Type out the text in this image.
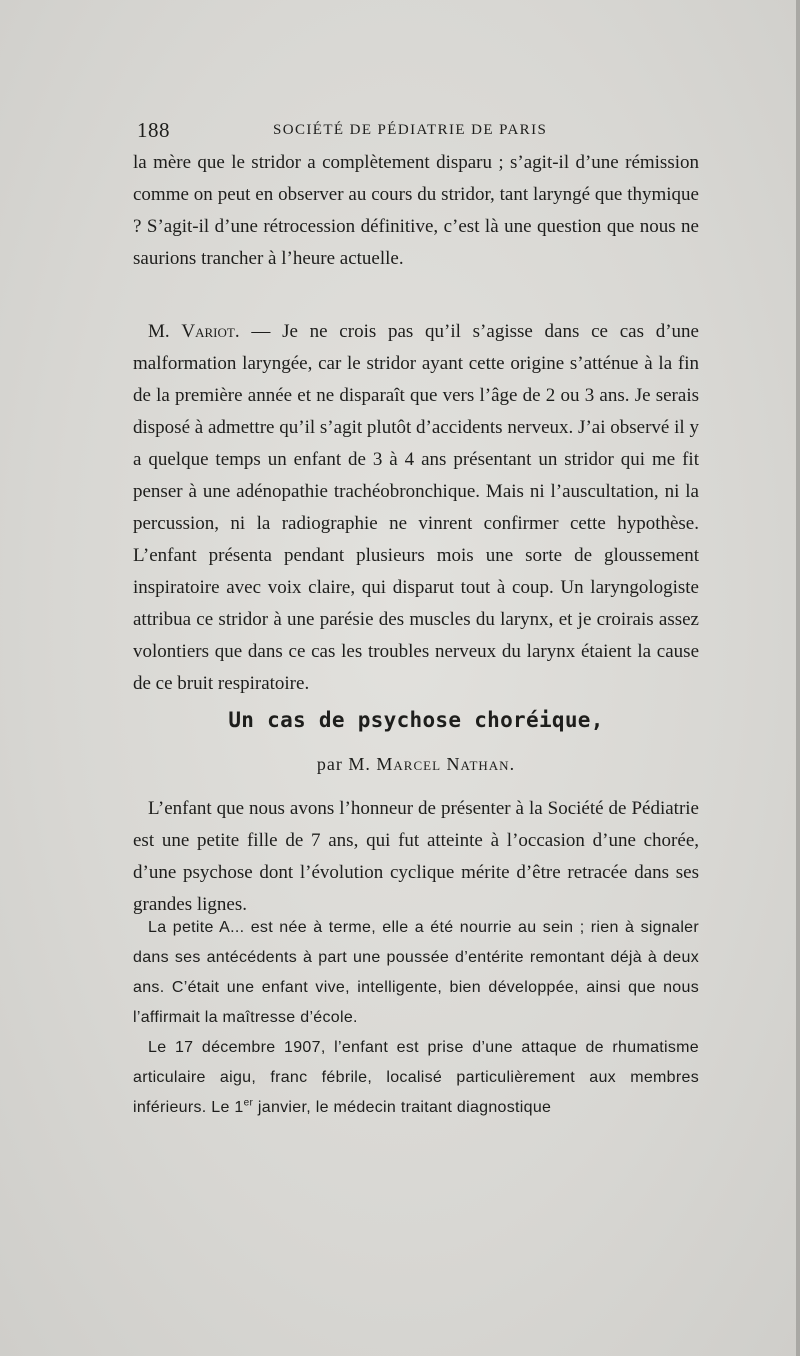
188	SOCIÉTÉ DE PÉDIATRIE DE PARIS

la mère que le stridor a complètement disparu ; s’agit-il d’une rémission comme on peut en observer au cours du stridor, tant laryngé que thymique ? S’agit-il d’une rétrocession définitive, c’est là une question que nous ne saurions trancher à l’heure actuelle.

M. Variot. — Je ne crois pas qu’il s’agisse dans ce cas d’une malformation laryngée, car le stridor ayant cette origine s’atténue à la fin de la première année et ne disparaît que vers l’âge de 2 ou 3 ans. Je serais disposé à admettre qu’il s’agit plutôt d’accidents nerveux. J’ai observé il y a quelque temps un enfant de 3 à 4 ans présentant un stridor qui me fit penser à une adénopathie trachéobronchique. Mais ni l’auscultation, ni la percussion, ni la radiographie ne vinrent confirmer cette hypothèse. L’enfant présenta pendant plusieurs mois une sorte de gloussement inspiratoire avec voix claire, qui disparut tout à coup. Un laryngologiste attribua ce stridor à une parésie des muscles du larynx, et je croirais assez volontiers que dans ce cas les troubles nerveux du larynx étaient la cause de ce bruit respiratoire.

Un cas de psychose choréique,
par M. Marcel Nathan.

L’enfant que nous avons l’honneur de présenter à la Société de Pédiatrie est une petite fille de 7 ans, qui fut atteinte à l’occasion d’une chorée, d’une psychose dont l’évolution cyclique mérite d’être retracée dans ses grandes lignes.

La petite A... est née à terme, elle a été nourrie au sein ; rien à signaler dans ses antécédents à part une poussée d’entérite remontant déjà à deux ans. C’était une enfant vive, intelligente, bien développée, ainsi que nous l’affirmait la maîtresse d’école.

Le 17 décembre 1907, l’enfant est prise d’une attaque de rhumatisme articulaire aigu, franc fébrile, localisé particulièrement aux membres inférieurs. Le 1er janvier, le médecin traitant diagnostique
